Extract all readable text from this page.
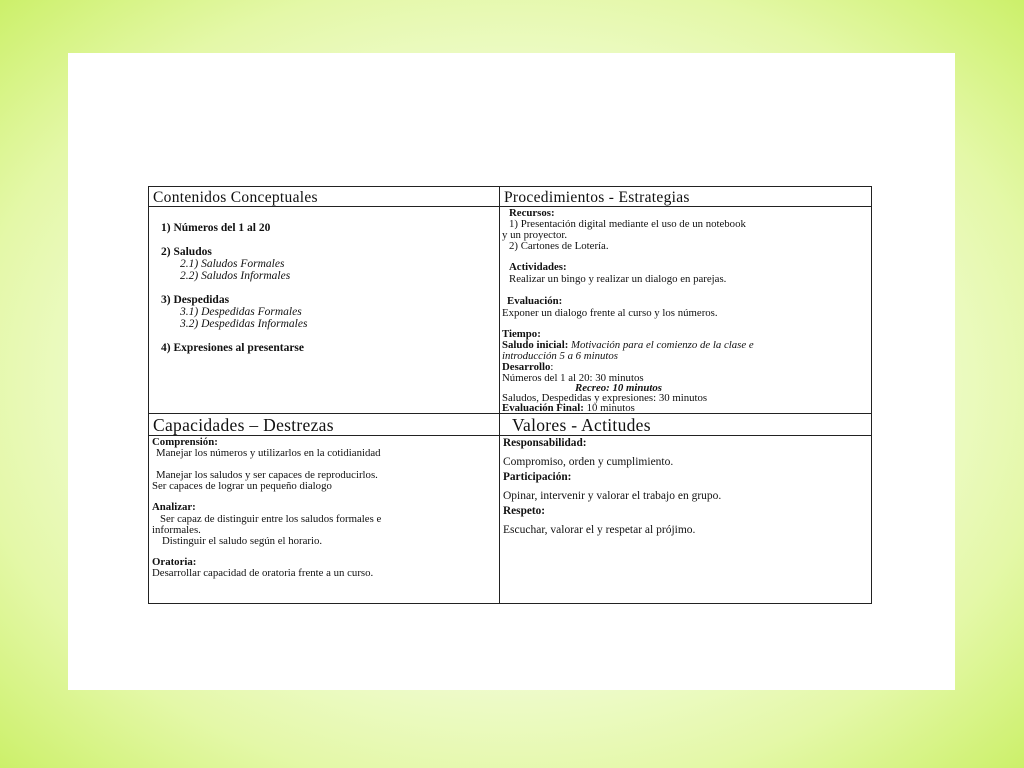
Contenidos Conceptuales	Procedimientos - Estrategias
1) Números del 1 al 20
2) Saludos
2.1) Saludos Formales
2.2) Saludos Informales
3) Despedidas
3.1) Despedidas Formales
3.2) Despedidas Informales
4) Expresiones al presentarse
Recursos:
1) Presentación digital mediante el uso de un notebook
y un proyector.
2) Cartones de Lotería.
Actividades:
Realizar un bingo y realizar un dialogo en parejas.
Evaluación:
Exponer un dialogo frente al curso y los números.
Tiempo:
Saludo inicial: Motivación para el comienzo de la clase e
introducción 5 a 6 minutos
Desarrollo:
Números del 1 al 20: 30 minutos
Recreo: 10 minutos
Saludos, Despedidas y expresiones: 30 minutos
Evaluación Final: 10 minutos
Capacidades – Destrezas	Valores - Actitudes
Comprensión:
Manejar los números y utilizarlos en la cotidianidad
Manejar los saludos y ser capaces de reproducirlos.
Ser capaces de lograr un pequeño dialogo
Analizar:
Ser capaz de distinguir entre los saludos formales e
informales.
Distinguir el saludo según el horario.
Oratoria:
Desarrollar capacidad de oratoria frente a un curso.
Responsabilidad:
Compromiso, orden y cumplimiento.
Participación:
Opinar, intervenir y valorar el trabajo en grupo.
Respeto:
Escuchar, valorar el y respetar al prójimo.
